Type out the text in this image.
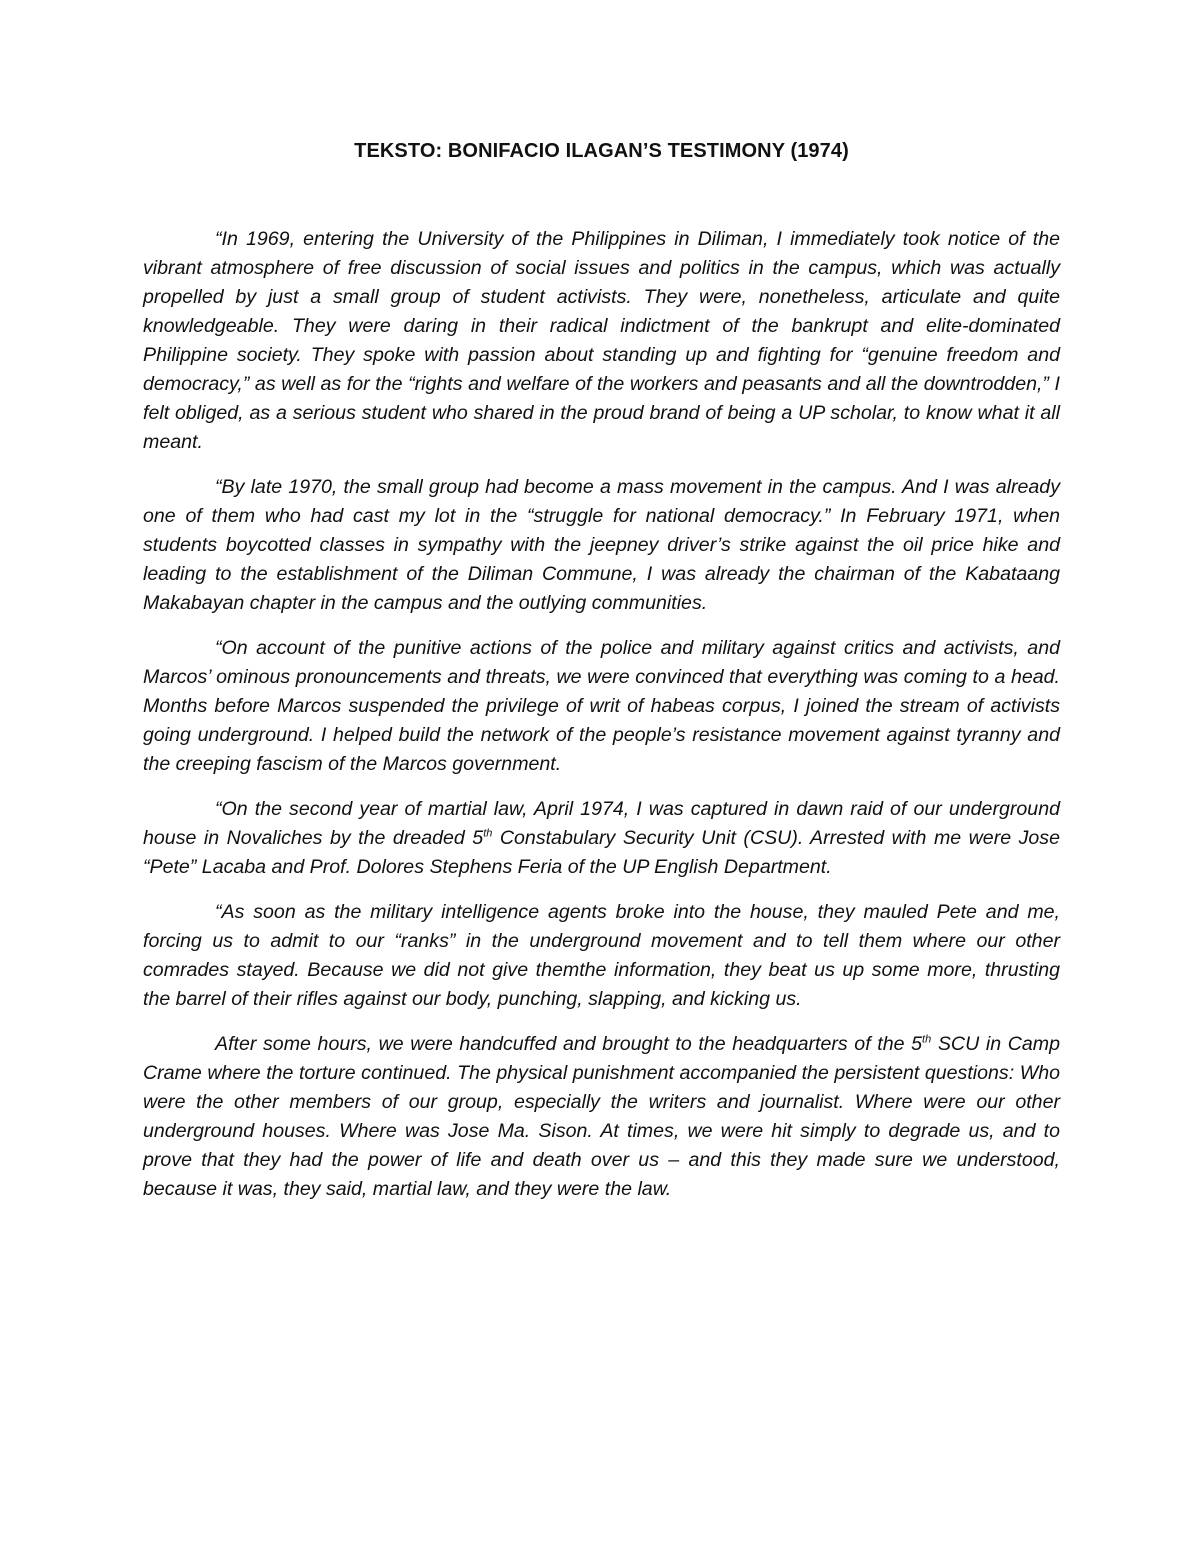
TEKSTO: BONIFACIO ILAGAN’S TESTIMONY (1974)

“In 1969, entering the University of the Philippines in Diliman, I immediately took notice of the vibrant atmosphere of free discussion of social issues and politics in the campus, which was actually propelled by just a small group of student activists. They were, nonetheless, articulate and quite knowledgeable. They were daring in their radical indictment of the bankrupt and elite-dominated Philippine society. They spoke with passion about standing up and fighting for “genuine freedom and democracy,” as well as for the “rights and welfare of the workers and peasants and all the downtrodden,” I felt obliged, as a serious student who shared in the proud brand of being a UP scholar, to know what it all meant.

“By late 1970, the small group had become a mass movement in the campus. And I was already one of them who had cast my lot in the “struggle for national democracy.” In February 1971, when students boycotted classes in sympathy with the jeepney driver’s strike against the oil price hike and leading to the establishment of the Diliman Commune, I was already the chairman of the Kabataang Makabayan chapter in the campus and the outlying communities.

“On account of the punitive actions of the police and military against critics and activists, and Marcos’ ominous pronouncements and threats, we were convinced that everything was coming to a head. Months before Marcos suspended the privilege of writ of habeas corpus, I joined the stream of activists going underground. I helped build the network of the people’s resistance movement against tyranny and the creeping fascism of the Marcos government.

“On the second year of martial law, April 1974, I was captured in dawn raid of our underground house in Novaliches by the dreaded 5th Constabulary Security Unit (CSU). Arrested with me were Jose “Pete” Lacaba and Prof. Dolores Stephens Feria of the UP English Department.

“As soon as the military intelligence agents broke into the house, they mauled Pete and me, forcing us to admit to our “ranks” in the underground movement and to tell them where our other comrades stayed. Because we did not give themthe information, they beat us up some more, thrusting the barrel of their rifles against our body, punching, slapping, and kicking us.

After some hours, we were handcuffed and brought to the headquarters of the 5th SCU in Camp Crame where the torture continued. The physical punishment accompanied the persistent questions: Who were the other members of our group, especially the writers and journalist. Where were our other underground houses. Where was Jose Ma. Sison. At times, we were hit simply to degrade us, and to prove that they had the power of life and death over us – and this they made sure we understood, because it was, they said, martial law, and they were the law.
